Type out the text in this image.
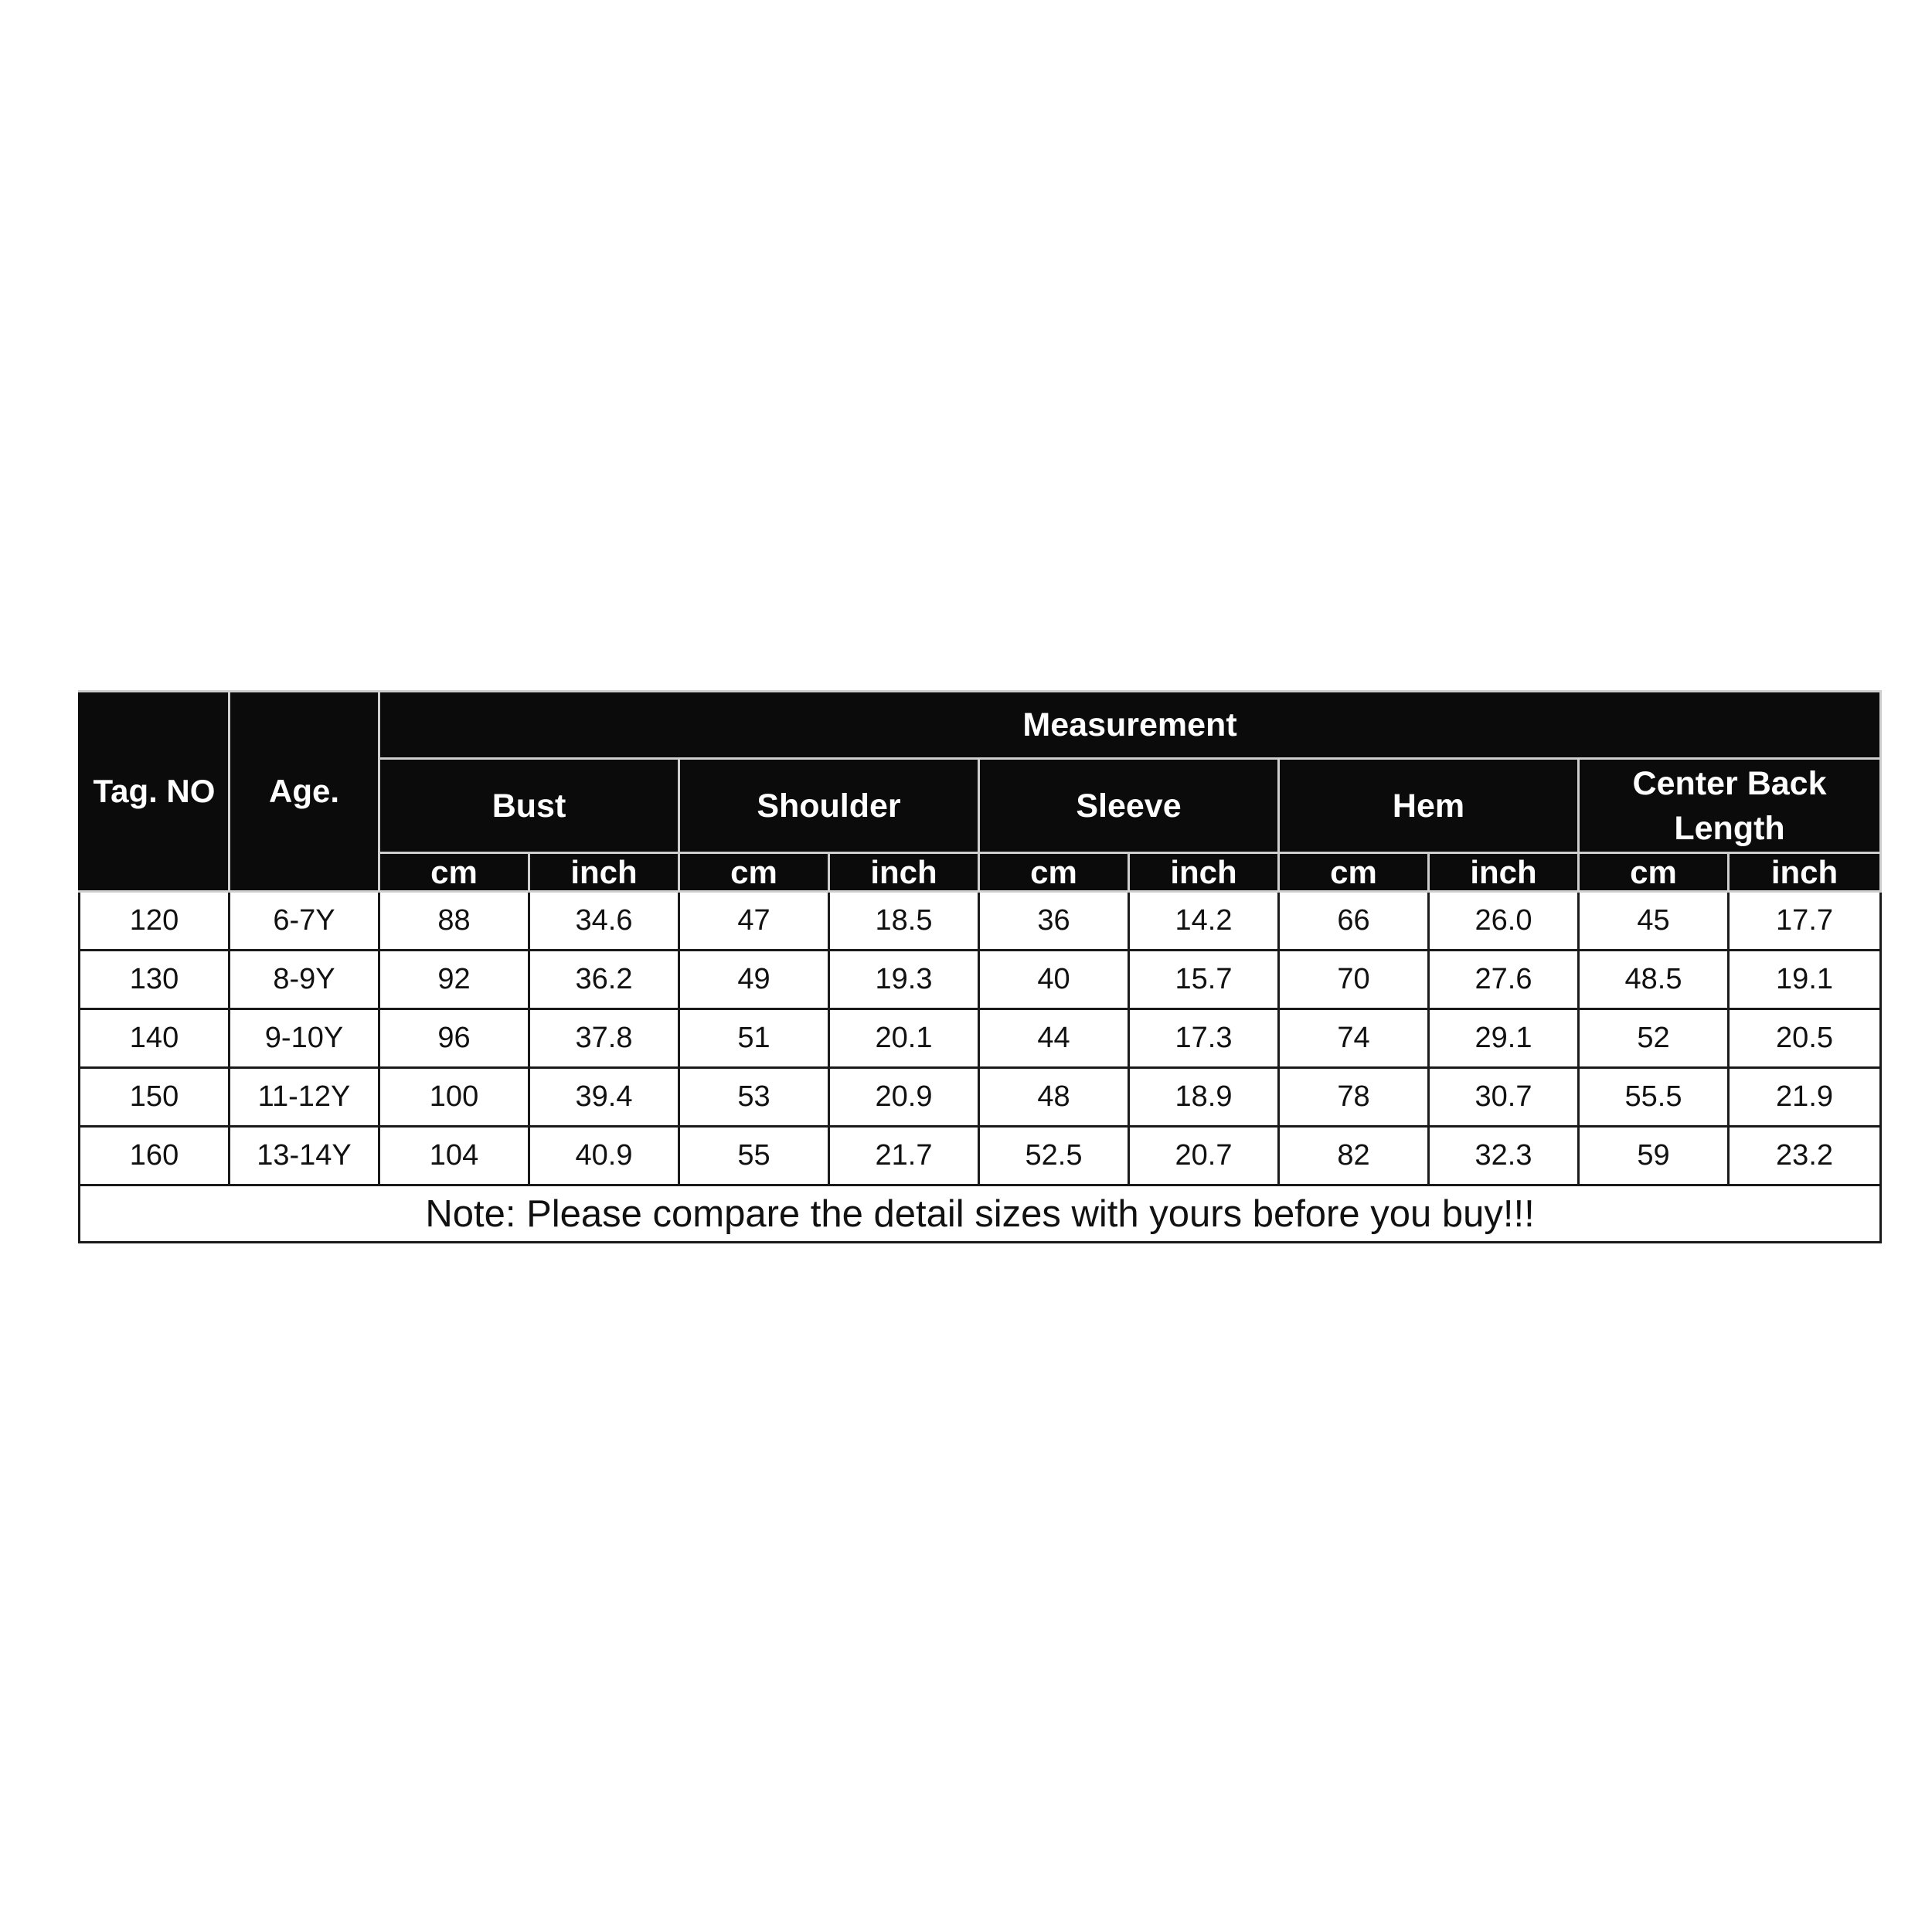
Tag. NO	Age.	Measurement									
		Bust		Shoulder		Sleeve		Hem		Center Back Length	
		cm	inch	cm	inch	cm	inch	cm	inch	cm	inch
120	6-7Y	88	34.6	47	18.5	36	14.2	66	26.0	45	17.7
130	8-9Y	92	36.2	49	19.3	40	15.7	70	27.6	48.5	19.1
140	9-10Y	96	37.8	51	20.1	44	17.3	74	29.1	52	20.5
150	11-12Y	100	39.4	53	20.9	48	18.9	78	30.7	55.5	21.9
160	13-14Y	104	40.9	55	21.7	52.5	20.7	82	32.3	59	23.2
Note: Please compare the detail sizes with yours before you buy!!!											
